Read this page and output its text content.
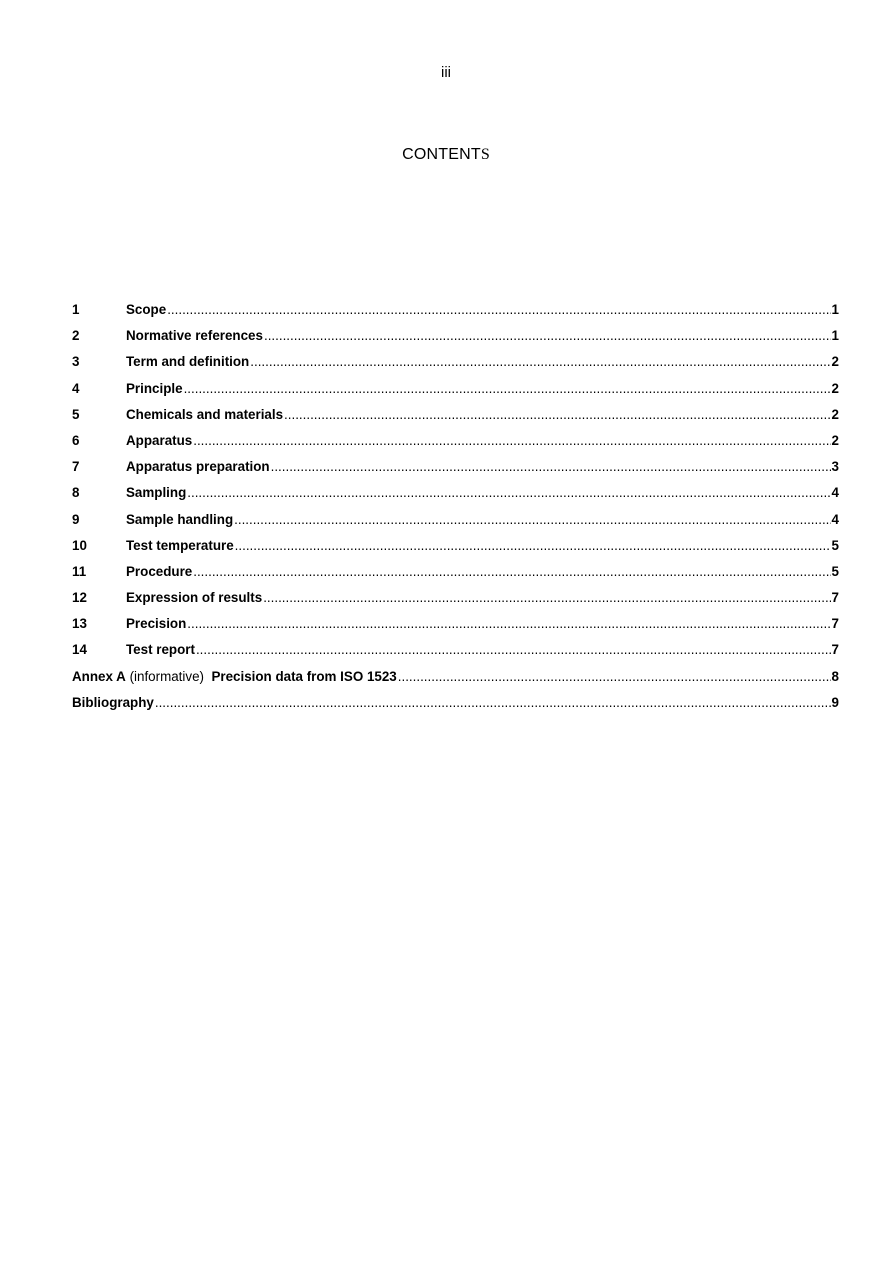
iii
CONTENTS
1	Scope .....	1
2	Normative references .....	1
3	Term and definition .....	2
4	Principle .....	2
5	Chemicals and materials .....	2
6	Apparatus .....	2
7	Apparatus preparation .....	3
8	Sampling .....	4
9	Sample handling .....	4
10	Test temperature .....	5
11	Procedure .....	5
12	Expression of results .....	7
13	Precision .....	7
14	Test report .....	7
Annex A (informative) Precision data from ISO 1523 .....	8
Bibliography .....	9
